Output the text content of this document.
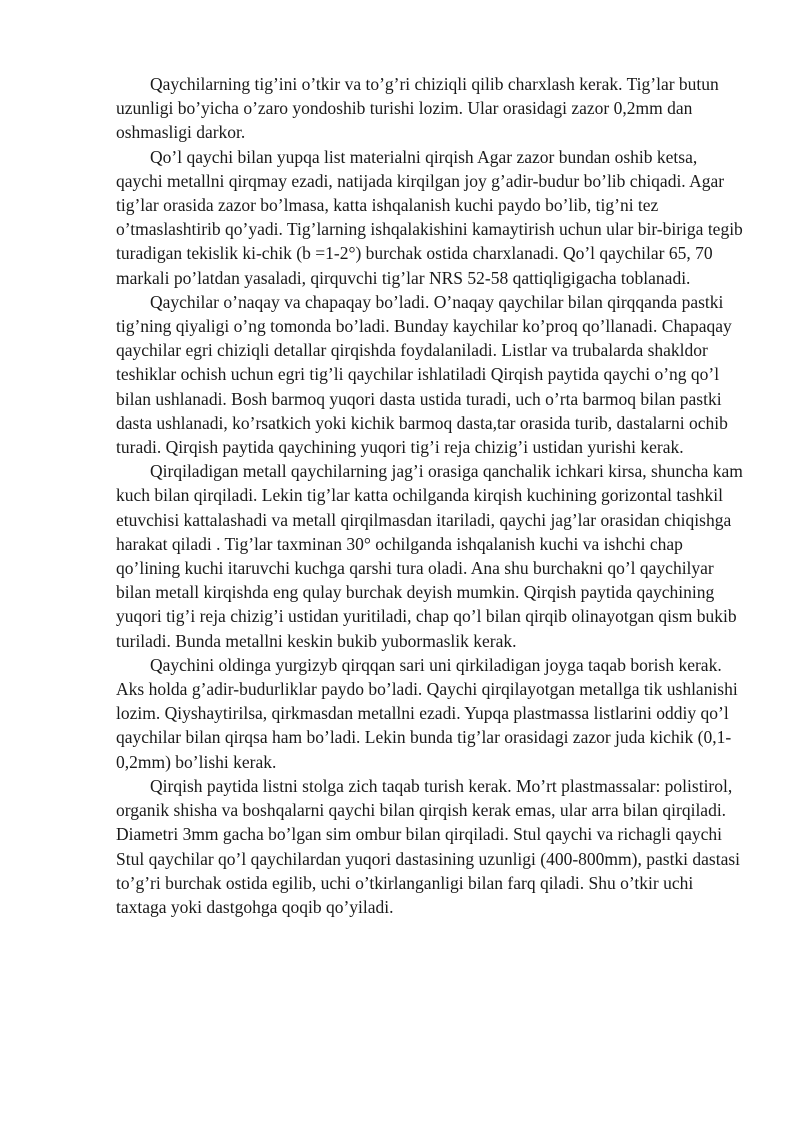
Qaychilarning tig’ini o’tkir va to’g’ri chiziqli qilib charxlash kerak. Tig’lar butun uzunligi bo’yicha o’zaro yondoshib turishi lozim. Ular orasidagi zazor 0,2mm dan oshmasligi darkor.

Qo’l qaychi bilan yupqa list materialni qirqish Agar zazor bundan oshib ketsa, qaychi metallni qirqmay ezadi, natijada kirqilgan joy g’adir-budur bo’lib chiqadi. Agar tig’lar orasida zazor bo’lmasa, katta ishqalanish kuchi paydo bo’lib, tig’ni tez o’tmaslashtirib qo’yadi. Tig’larning ishqalakishini kamaytirish uchun ular bir-biriga tegib turadigan tekislik ki-chik (b =1-2°) burchak ostida charxlanadi. Qo’l qaychilar 65, 70 markali po’latdan yasaladi, qirquvchi tig’lar NRS 52-58 qattiqligigacha toblanadi.

Qaychilar o’naqay va chapaqay bo’ladi. O’naqay qaychilar bilan qirqqanda pastki tig’ning qiyaligi o’ng tomonda bo’ladi. Bunday kaychilar ko’proq qo’llanadi. Chapaqay qaychilar egri chiziqli detallar qirqishda foydalaniladi. Listlar va trubalarda shakldor teshiklar ochish uchun egri tig’li qaychilar ishlatiladi Qirqish paytida qaychi o’ng qo’l bilan ushlanadi. Bosh barmoq yuqori dasta ustida turadi, uch o’rta barmoq bilan pastki dasta ushlanadi, ko’rsatkich yoki kichik barmoq dasta,tar orasida turib, dastalarni ochib turadi. Qirqish paytida qaychining yuqori tig’i reja chizig’i ustidan yurishi kerak.

Qirqiladigan metall qaychilarning jag’i orasiga qanchalik ichkari kirsa, shuncha kam kuch bilan qirqiladi. Lekin tig’lar katta ochilganda kirqish kuchining gorizontal tashkil etuvchisi kattalashadi va metall qirqilmasdan itariladi, qaychi jag’lar orasidan chiqishga harakat qiladi . Tig’lar taxminan 30° ochilganda ishqalanish kuchi va ishchi chap qo’lining kuchi itaruvchi kuchga qarshi tura oladi. Ana shu burchakni qo’l qaychilyar bilan metall kirqishda eng qulay burchak deyish mumkin. Qirqish paytida qaychining yuqori tig’i reja chizig’i ustidan yuritiladi, chap qo’l bilan qirqib olinayotgan qism bukib turiladi. Bunda metallni keskin bukib yubormaslik kerak.

Qaychini oldinga yurgizyb qirqqan sari uni qirkiladigan joyga taqab borish kerak. Aks holda g’adir-budurliklar paydo bo’ladi. Qaychi qirqilayotgan metallga tik ushlanishi lozim. Qiyshaytirilsa, qirkmasdan metallni ezadi. Yupqa plastmassa listlarini oddiy qo’l qaychilar bilan qirqsa ham bo’ladi. Lekin bunda tig’lar orasidagi zazor juda kichik (0,1-0,2mm) bo’lishi kerak.

Qirqish paytida listni stolga zich taqab turish kerak. Mo’rt plastmassalar: polistirol, organik shisha va boshqalarni qaychi bilan qirqish kerak emas, ular arra bilan qirqiladi. Diametri 3mm gacha bo’lgan sim ombur bilan qirqiladi. Stul qaychi va richagli qaychi Stul qaychilar qo’l qaychilardan yuqori dastasining uzunligi (400-800mm), pastki dastasi to’g’ri burchak ostida egilib, uchi o’tkirlanganligi bilan farq qiladi. Shu o’tkir uchi taxtaga yoki dastgohga qoqib qo’yiladi.
